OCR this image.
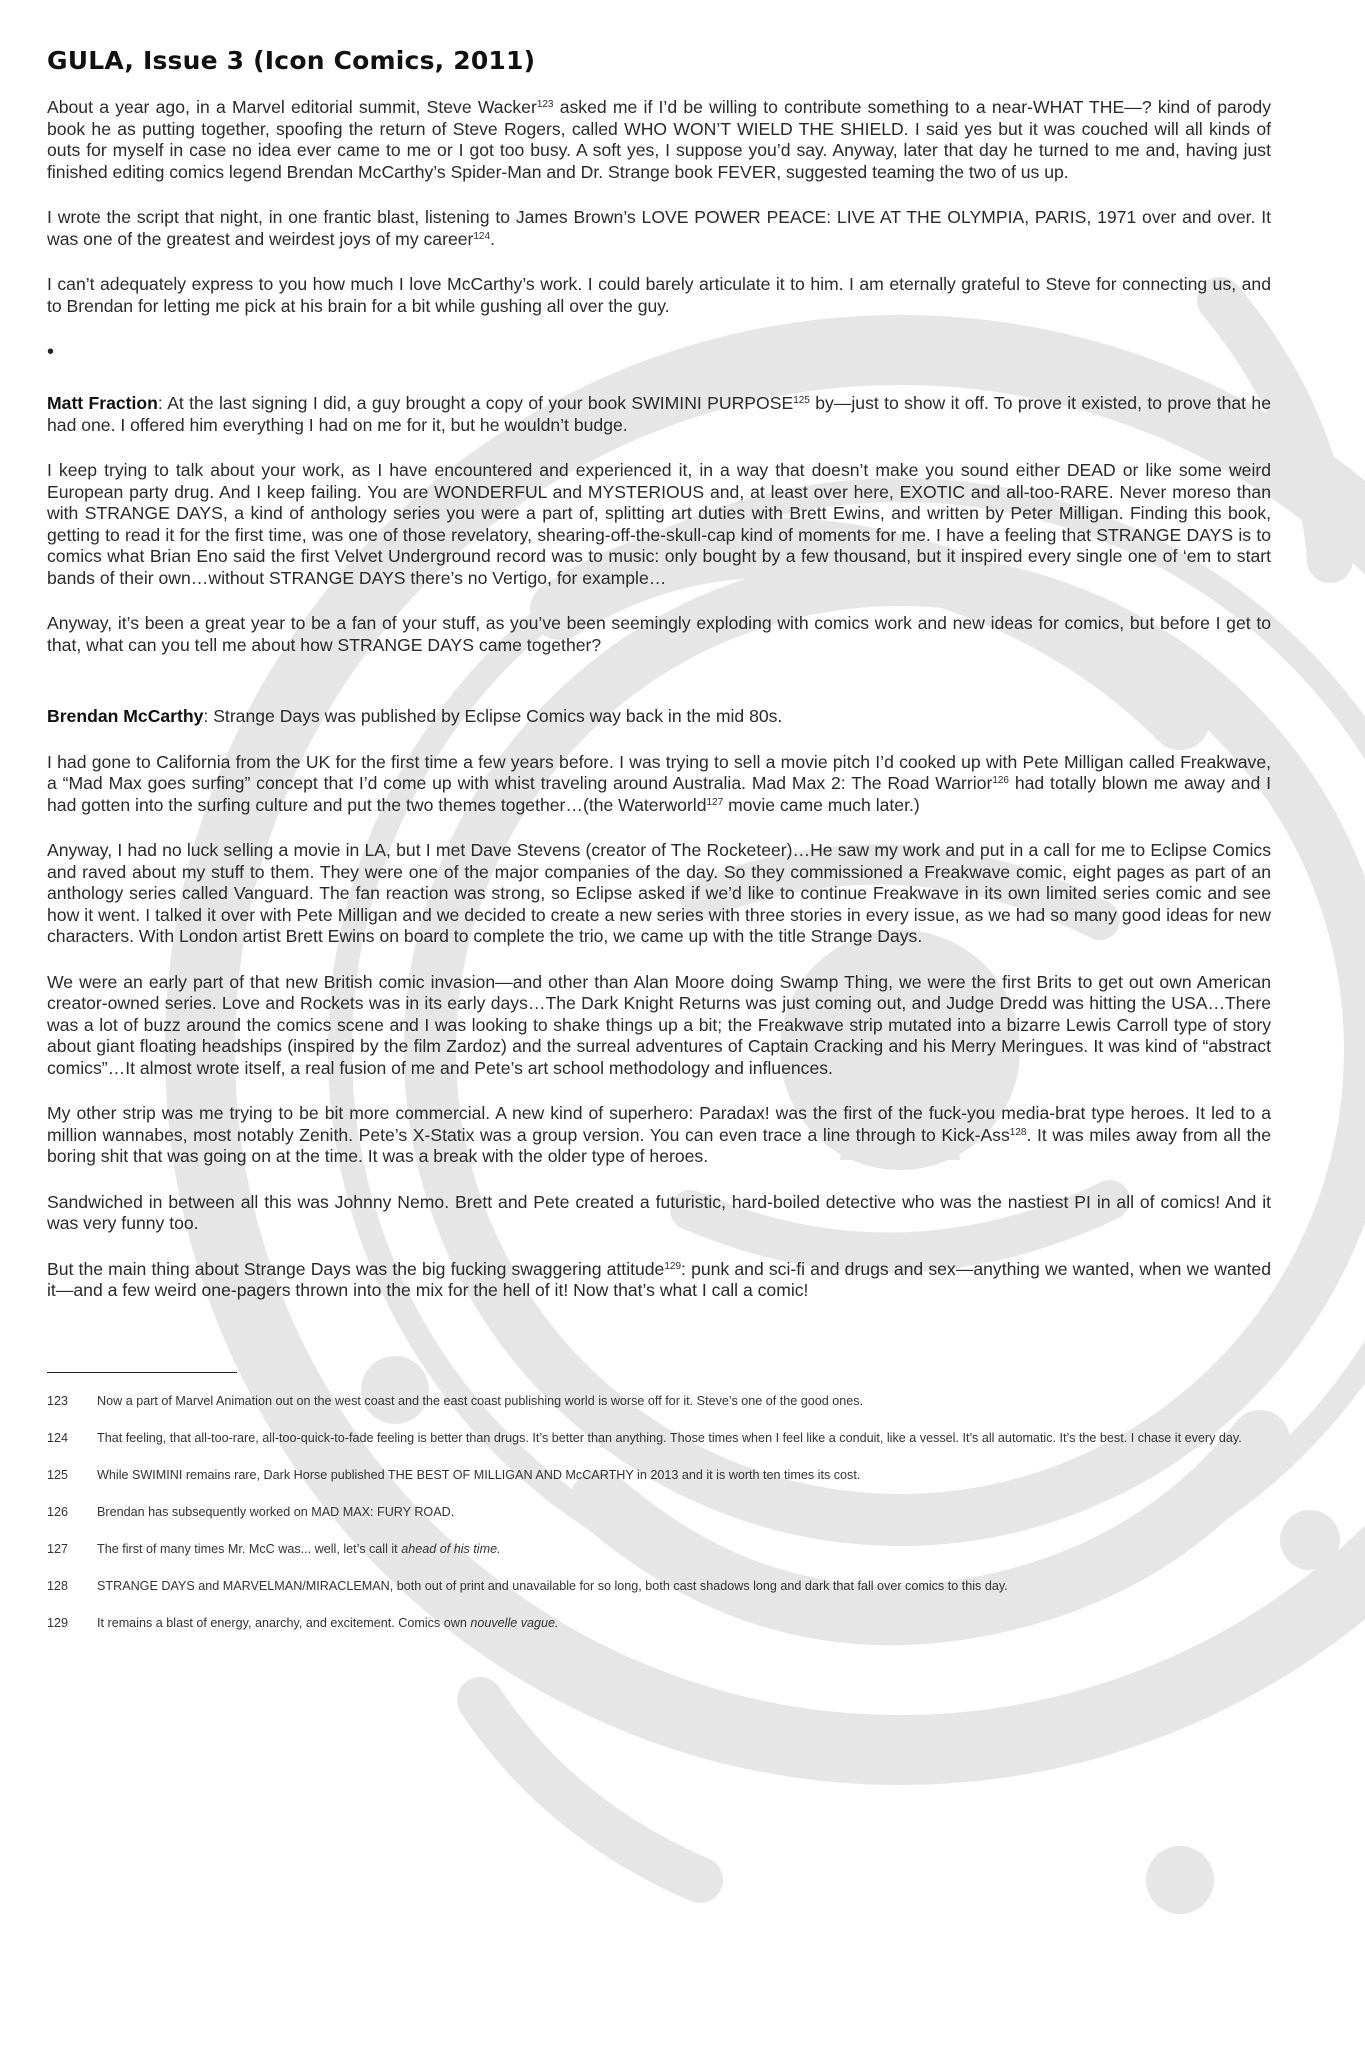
GULA, Issue 3 (Icon Comics, 2011)

About a year ago, in a Marvel editorial summit, Steve Wacker$^{123}$ asked me if I’d be willing to contribute something to a near-WHAT THE—? kind of parody book he as putting together, spoofing the return of Steve Rogers, called WHO WON’T WIELD THE SHIELD. I said yes but it was couched will all kinds of outs for myself in case no idea ever came to me or I got too busy. A soft yes, I suppose you’d say. Anyway, later that day he turned to me and, having just finished editing comics legend Brendan McCarthy’s Spider-Man and Dr. Strange book FEVER, suggested teaming the two of us up.

I wrote the script that night, in one frantic blast, listening to James Brown’s LOVE POWER PEACE: LIVE AT THE OLYMPIA, PARIS, 1971 over and over. It was one of the greatest and weirdest joys of my career$^{124}$.

I can’t adequately express to you how much I love McCarthy’s work. I could barely articulate it to him. I am eternally grateful to Steve for connecting us, and to Brendan for letting me pick at his brain for a bit while gushing all over the guy.

•

Matt Fraction: At the last signing I did, a guy brought a copy of your book SWIMINI PURPOSE$^{125}$ by—just to show it off. To prove it existed, to prove that he had one. I offered him everything I had on me for it, but he wouldn’t budge.

I keep trying to talk about your work, as I have encountered and experienced it, in a way that doesn’t make you sound either DEAD or like some weird European party drug. And I keep failing. You are WONDERFUL and MYSTERIOUS and, at least over here, EXOTIC and all-too-RARE. Never moreso than with STRANGE DAYS, a kind of anthology series you were a part of, splitting art duties with Brett Ewins, and written by Peter Milligan. Finding this book, getting to read it for the first time, was one of those revelatory, shearing-off-the-skull-cap kind of moments for me. I have a feeling that STRANGE DAYS is to comics what Brian Eno said the first Velvet Underground record was to music: only bought by a few thousand, but it inspired every single one of ‘em to start bands of their own…without STRANGE DAYS there’s no Vertigo, for example…

Anyway, it’s been a great year to be a fan of your stuff, as you’ve been seemingly exploding with comics work and new ideas for comics, but before I get to that, what can you tell me about how STRANGE DAYS came together?

Brendan McCarthy: Strange Days was published by Eclipse Comics way back in the mid 80s.

I had gone to California from the UK for the first time a few years before. I was trying to sell a movie pitch I’d cooked up with Pete Milligan called Freakwave, a “Mad Max goes surfing” concept that I’d come up with whist traveling around Australia. Mad Max 2: The Road Warrior$^{126}$ had totally blown me away and I had gotten into the surfing culture and put the two themes together…(the Waterworld$^{127}$ movie came much later.)

Anyway, I had no luck selling a movie in LA, but I met Dave Stevens (creator of The Rocketeer)…He saw my work and put in a call for me to Eclipse Comics and raved about my stuff to them. They were one of the major companies of the day. So they commissioned a Freakwave comic, eight pages as part of an anthology series called Vanguard. The fan reaction was strong, so Eclipse asked if we’d like to continue Freakwave in its own limited series comic and see how it went. I talked it over with Pete Milligan and we decided to create a new series with three stories in every issue, as we had so many good ideas for new characters. With London artist Brett Ewins on board to complete the trio, we came up with the title Strange Days.

We were an early part of that new British comic invasion—and other than Alan Moore doing Swamp Thing, we were the first Brits to get out own American creator-owned series. Love and Rockets was in its early days…The Dark Knight Returns was just coming out, and Judge Dredd was hitting the USA…There was a lot of buzz around the comics scene and I was looking to shake things up a bit; the Freakwave strip mutated into a bizarre Lewis Carroll type of story about giant floating headships (inspired by the film Zardoz) and the surreal adventures of Captain Cracking and his Merry Meringues. It was kind of “abstract comics”…It almost wrote itself, a real fusion of me and Pete’s art school methodology and influences.

My other strip was me trying to be bit more commercial. A new kind of superhero: Paradax! was the first of the fuck-you media-brat type heroes. It led to a million wannabes, most notably Zenith. Pete’s X-Statix was a group version. You can even trace a line through to Kick-Ass$^{128}$. It was miles away from all the boring shit that was going on at the time. It was a break with the older type of heroes.

Sandwiched in between all this was Johnny Nemo. Brett and Pete created a futuristic, hard-boiled detective who was the nastiest PI in all of comics! And it was very funny too.

But the main thing about Strange Days was the big fucking swaggering attitude$^{129}$: punk and sci-fi and drugs and sex—anything we wanted, when we wanted it—and a few weird one-pagers thrown into the mix for the hell of it! Now that’s what I call a comic!

123	Now a part of Marvel Animation out on the west coast and the east coast publishing world is worse off for it. Steve’s one of the good ones.
124	That feeling, that all-too-rare, all-too-quick-to-fade feeling is better than drugs. It’s better than anything. Those times when I feel like a conduit, like a vessel. It’s all automatic. It’s the best. I chase it every day.
125	While SWIMINI remains rare, Dark Horse published THE BEST OF MILLIGAN AND McCARTHY in 2013 and it is worth ten times its cost.
126	Brendan has subsequently worked on MAD MAX: FURY ROAD.
127	The first of many times Mr. McC was... well, let’s call it ahead of his time.
128	STRANGE DAYS and MARVELMAN/MIRACLEMAN, both out of print and unavailable for so long, both cast shadows long and dark that fall over comics to this day.
129	It remains a blast of energy, anarchy, and excitement. Comics own nouvelle vague.
